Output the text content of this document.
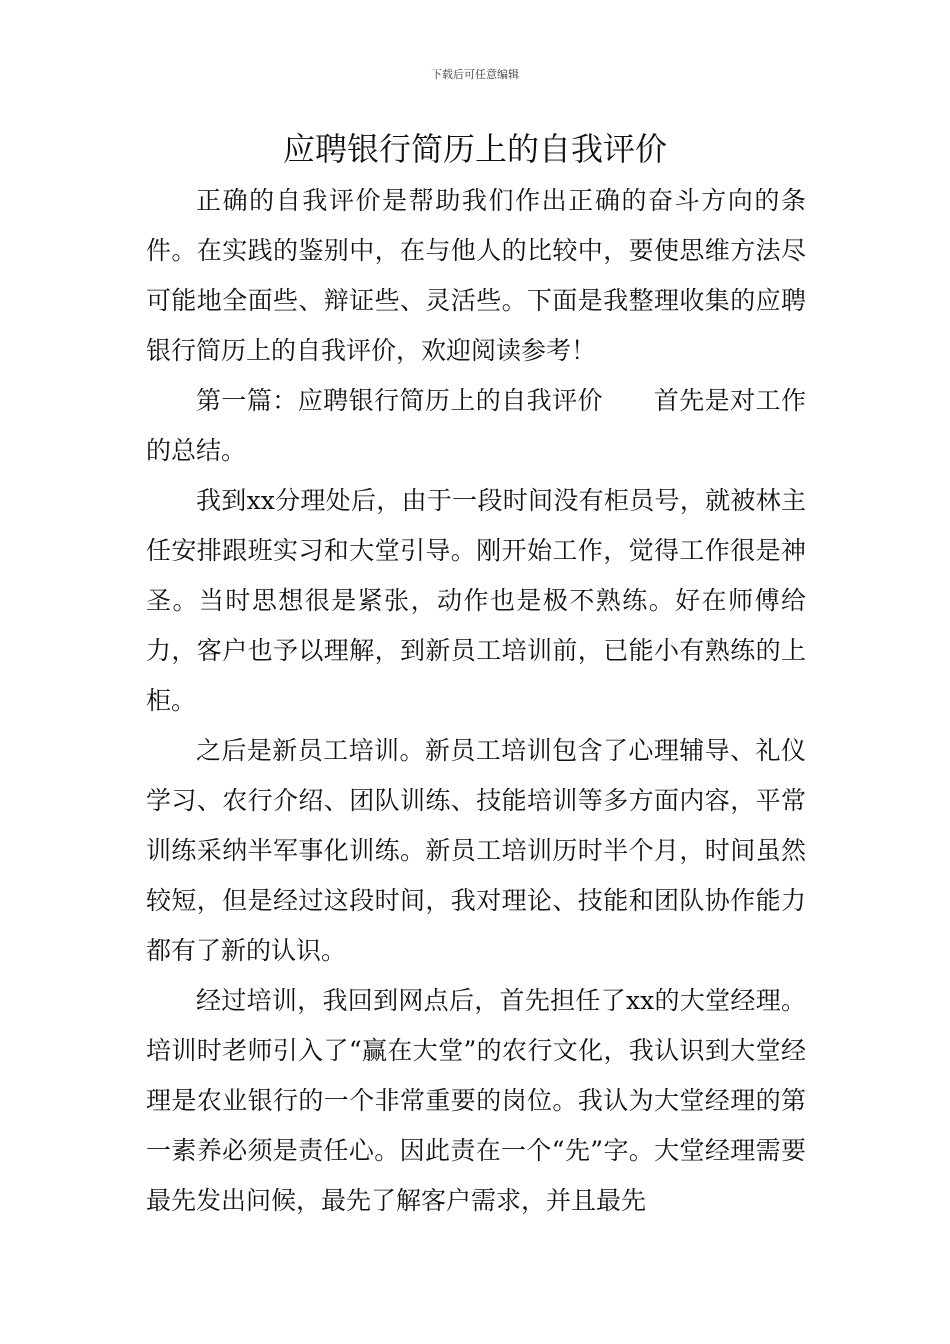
下载后可任意编辑
应聘银行简历上的自我评价

正确的自我评价是帮助我们作出正确的奋斗方向的条件。在实践的鉴别中，在与他人的比较中，要使思维方法尽可能地全面些、辩证些、灵活些。下面是我整理收集的应聘银行简历上的自我评价，欢迎阅读参考！

第一篇：应聘银行简历上的自我评价　　首先是对工作的总结。

我到xx分理处后，由于一段时间没有柜员号，就被林主任安排跟班实习和大堂引导。刚开始工作，觉得工作很是神圣。当时思想很是紧张，动作也是极不熟练。好在师傅给力，客户也予以理解，到新员工培训前，已能小有熟练的上柜。

之后是新员工培训。新员工培训包含了心理辅导、礼仪学习、农行介绍、团队训练、技能培训等多方面内容，平常训练采纳半军事化训练。新员工培训历时半个月，时间虽然较短，但是经过这段时间，我对理论、技能和团队协作能力都有了新的认识。

经过培训，我回到网点后，首先担任了xx的大堂经理。培训时老师引入了“赢在大堂”的农行文化，我认识到大堂经理是农业银行的一个非常重要的岗位。我认为大堂经理的第一素养必须是责任心。因此责在一个“先”字。大堂经理需要最先发出问候，最先了解客户需求，并且最先
